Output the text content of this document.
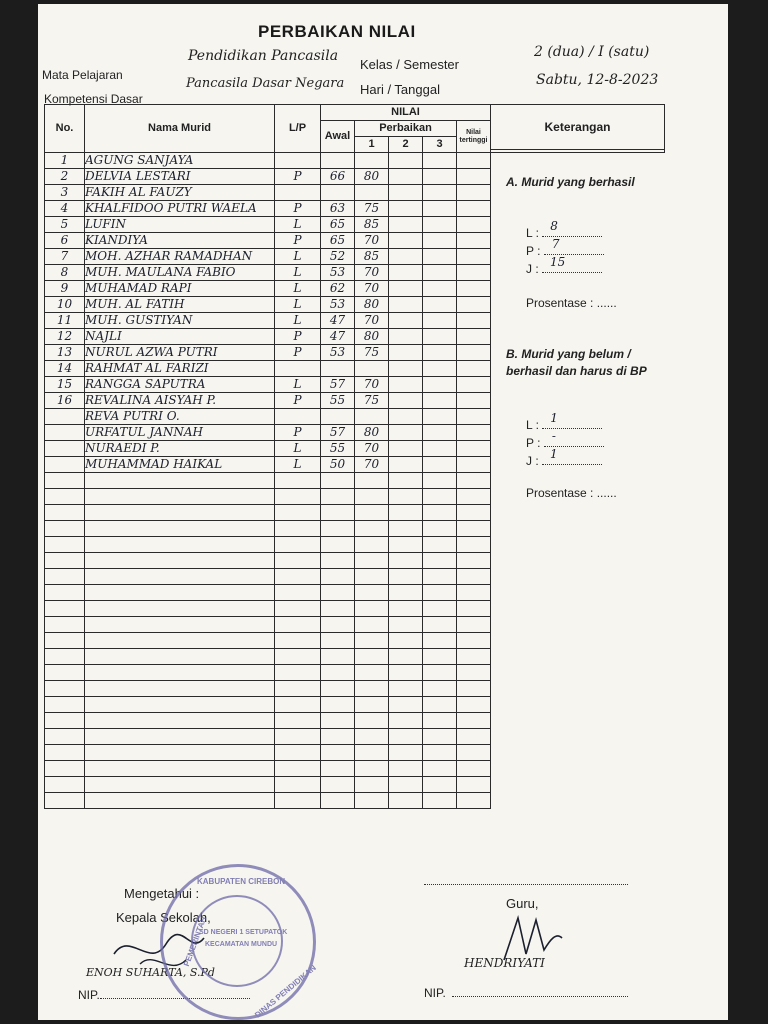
PERBAIKAN NILAI
Mata Pelajaran
Pendidikan Pancasila
Kompetensi Dasar
Pancasila Dasar Negara
Kelas / Semester
2 (dua) / I (satu)
Hari / Tanggal
Sabtu, 12-8-2023
No.	Nama Murid	L/P	NILAI					Keterangan

			Awal	Perbaikan			Nilai tertinggi	
				1	2	3		
1	AGUNG SANJAYA							
2	DELVIA LESTARI	P	66	80				
3	FAKIH AL FAUZY							
4	KHALFIDOO PUTRI WAELA	P	63	75				
5	LUFIN	L	65	85				
6	KIANDIYA	P	65	70				
7	MOH. AZHAR RAMADHAN	L	52	85				
8	MUH. MAULANA FABIO	L	53	70				
9	MUHAMAD RAPI	L	62	70				
10	MUH. AL FATIH	L	53	80				
11	MUH. GUSTIYAN	L	47	70				
12	NAJLI	P	47	80				
13	NURUL AZWA PUTRI	P	53	75				
14	RAHMAT AL FARIZI							
15	RANGGA SAPUTRA	L	57	70				
16	REVALINA AISYAH P.	P	55	75				
	REVA PUTRI O.							
	URFATUL JANNAH	P	57	80				
	NURAEDI P.	L	55	70				
	MUHAMMAD HAIKAL	L	50	70				

A. Murid yang berhasil
L : 8
P : 7
J : 15
Prosentase : ......
B. Murid yang belum / berhasil dan harus di BP
L : 1
P : -
J : 1
Prosentase : ......
Mengetahui :
Kepala Sekolah,
ENOH SUHARTA, S.Pd
NIP.
Guru,
HENDRIYATI
NIP.
KABUPATEN CIREBON
PEMERINTAH
DINAS PENDIDIKAN
SD NEGERI 1 SETUPATOK
KECAMATAN MUNDU
